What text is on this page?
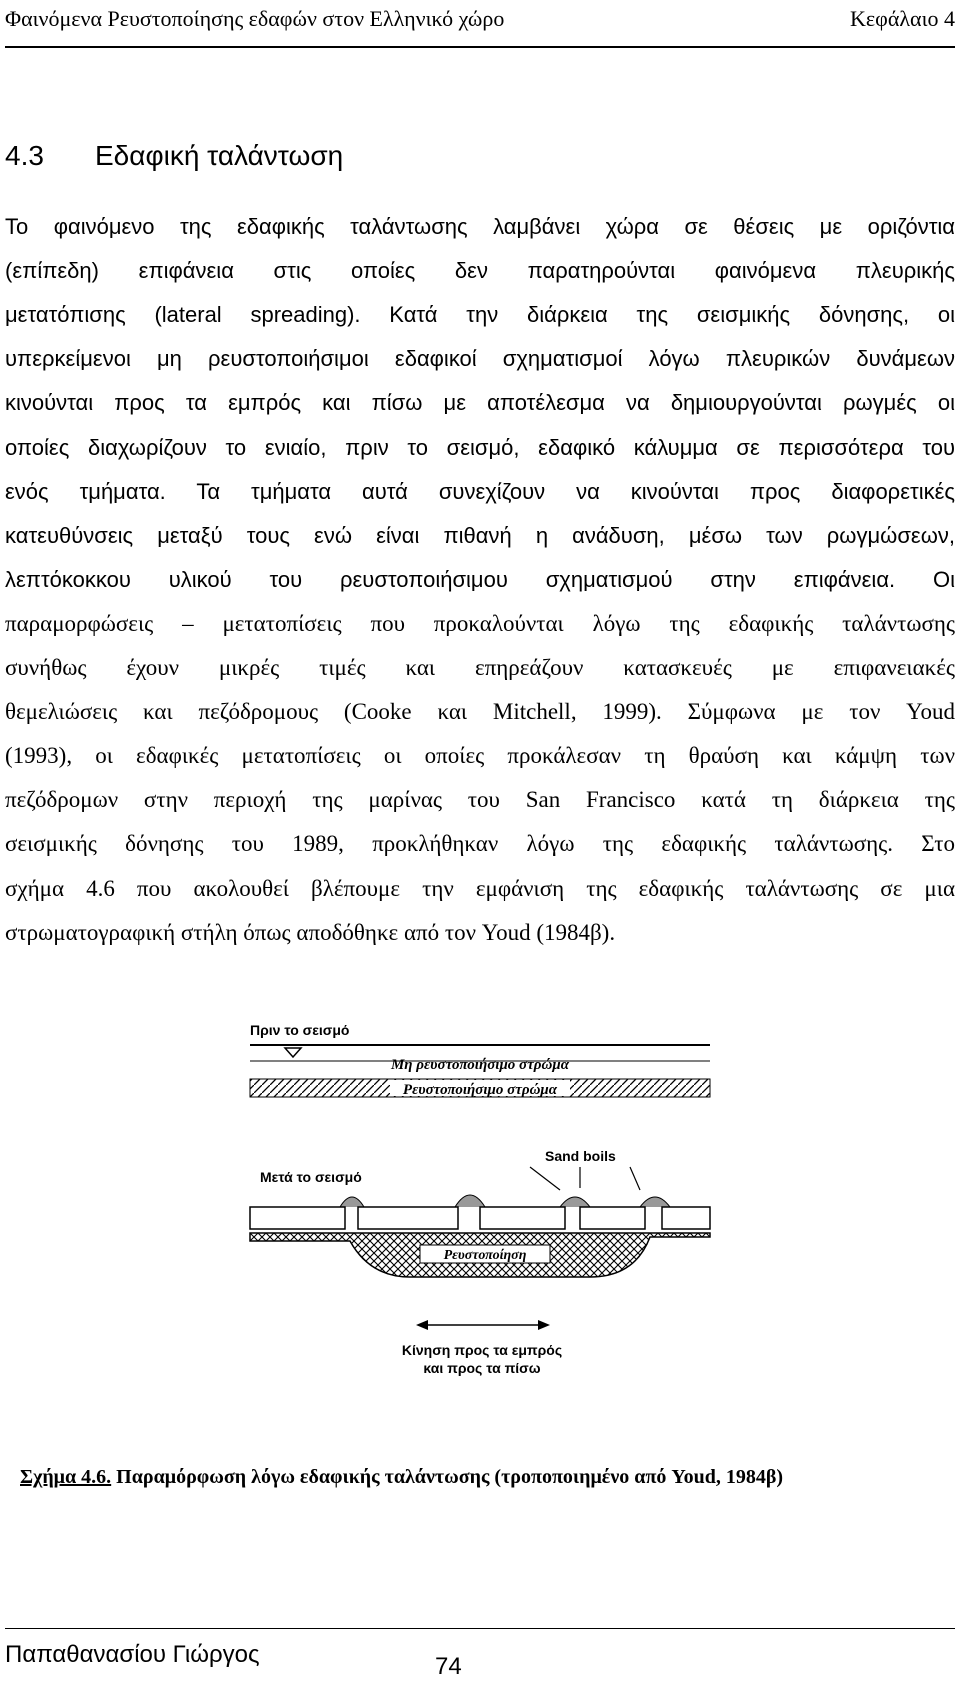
Φαινόμενα Ρευστοποίησης εδαφών στον Ελληνικό χώρο	Κεφάλαιο 4
4.3 Εδαφική ταλάντωση
Το φαινόμενο της εδαφικής ταλάντωσης λαμβάνει χώρα σε θέσεις με οριζόντια
(επίπεδη) επιφάνεια στις οποίες δεν παρατηρούνται φαινόμενα πλευρικής
μετατόπισης (lateral spreading). Κατά την διάρκεια της σεισμικής δόνησης, οι
υπερκείμενοι μη ρευστοποιήσιμοι εδαφικοί σχηματισμοί λόγω πλευρικών δυνάμεων
κινούνται προς τα εμπρός και πίσω με αποτέλεσμα να δημιουργούνται ρωγμές οι
οποίες διαχωρίζουν το ενιαίο, πριν το σεισμό, εδαφικό κάλυμμα σε περισσότερα του
ενός τμήματα. Τα τμήματα αυτά συνεχίζουν να κινούνται προς διαφορετικές
κατευθύνσεις μεταξύ τους ενώ είναι πιθανή η ανάδυση, μέσω των ρωγμώσεων,
λεπτόκοκκου υλικού του ρευστοποιήσιμου σχηματισμού στην επιφάνεια. Οι
παραμορφώσεις – μετατοπίσεις που προκαλούνται λόγω της εδαφικής ταλάντωσης
συνήθως έχουν μικρές τιμές και επηρεάζουν κατασκευές με επιφανειακές
θεμελιώσεις και πεζόδρομους (Cooke και Mitchell, 1999). Σύμφωνα με τον Youd
(1993), οι εδαφικές μετατοπίσεις οι οποίες προκάλεσαν τη θραύση και κάμψη των
πεζόδρομων στην περιοχή της μαρίνας του San Francisco κατά τη διάρκεια της
σεισμικής δόνησης του 1989, προκλήθηκαν λόγω της εδαφικής ταλάντωσης. Στο
σχήμα 4.6 που ακολουθεί βλέπουμε την εμφάνιση της εδαφικής ταλάντωσης σε μια
στρωματογραφική στήλη όπως αποδόθηκε από τον Youd (1984β).
Πριν το σεισμό
Μη ρευστοποιήσιμο στρώμα
Ρευστοποιήσιμο στρώμα
Sand boils
Μετά το σεισμό
Ρευστοποίηση
Κίνηση προς τα εμπρός
και προς τα πίσω
Σχήμα 4.6. Παραμόρφωση λόγω εδαφικής ταλάντωσης (τροποποιημένο από Youd, 1984β)
Παπαθανασίου Γιώργος	74
